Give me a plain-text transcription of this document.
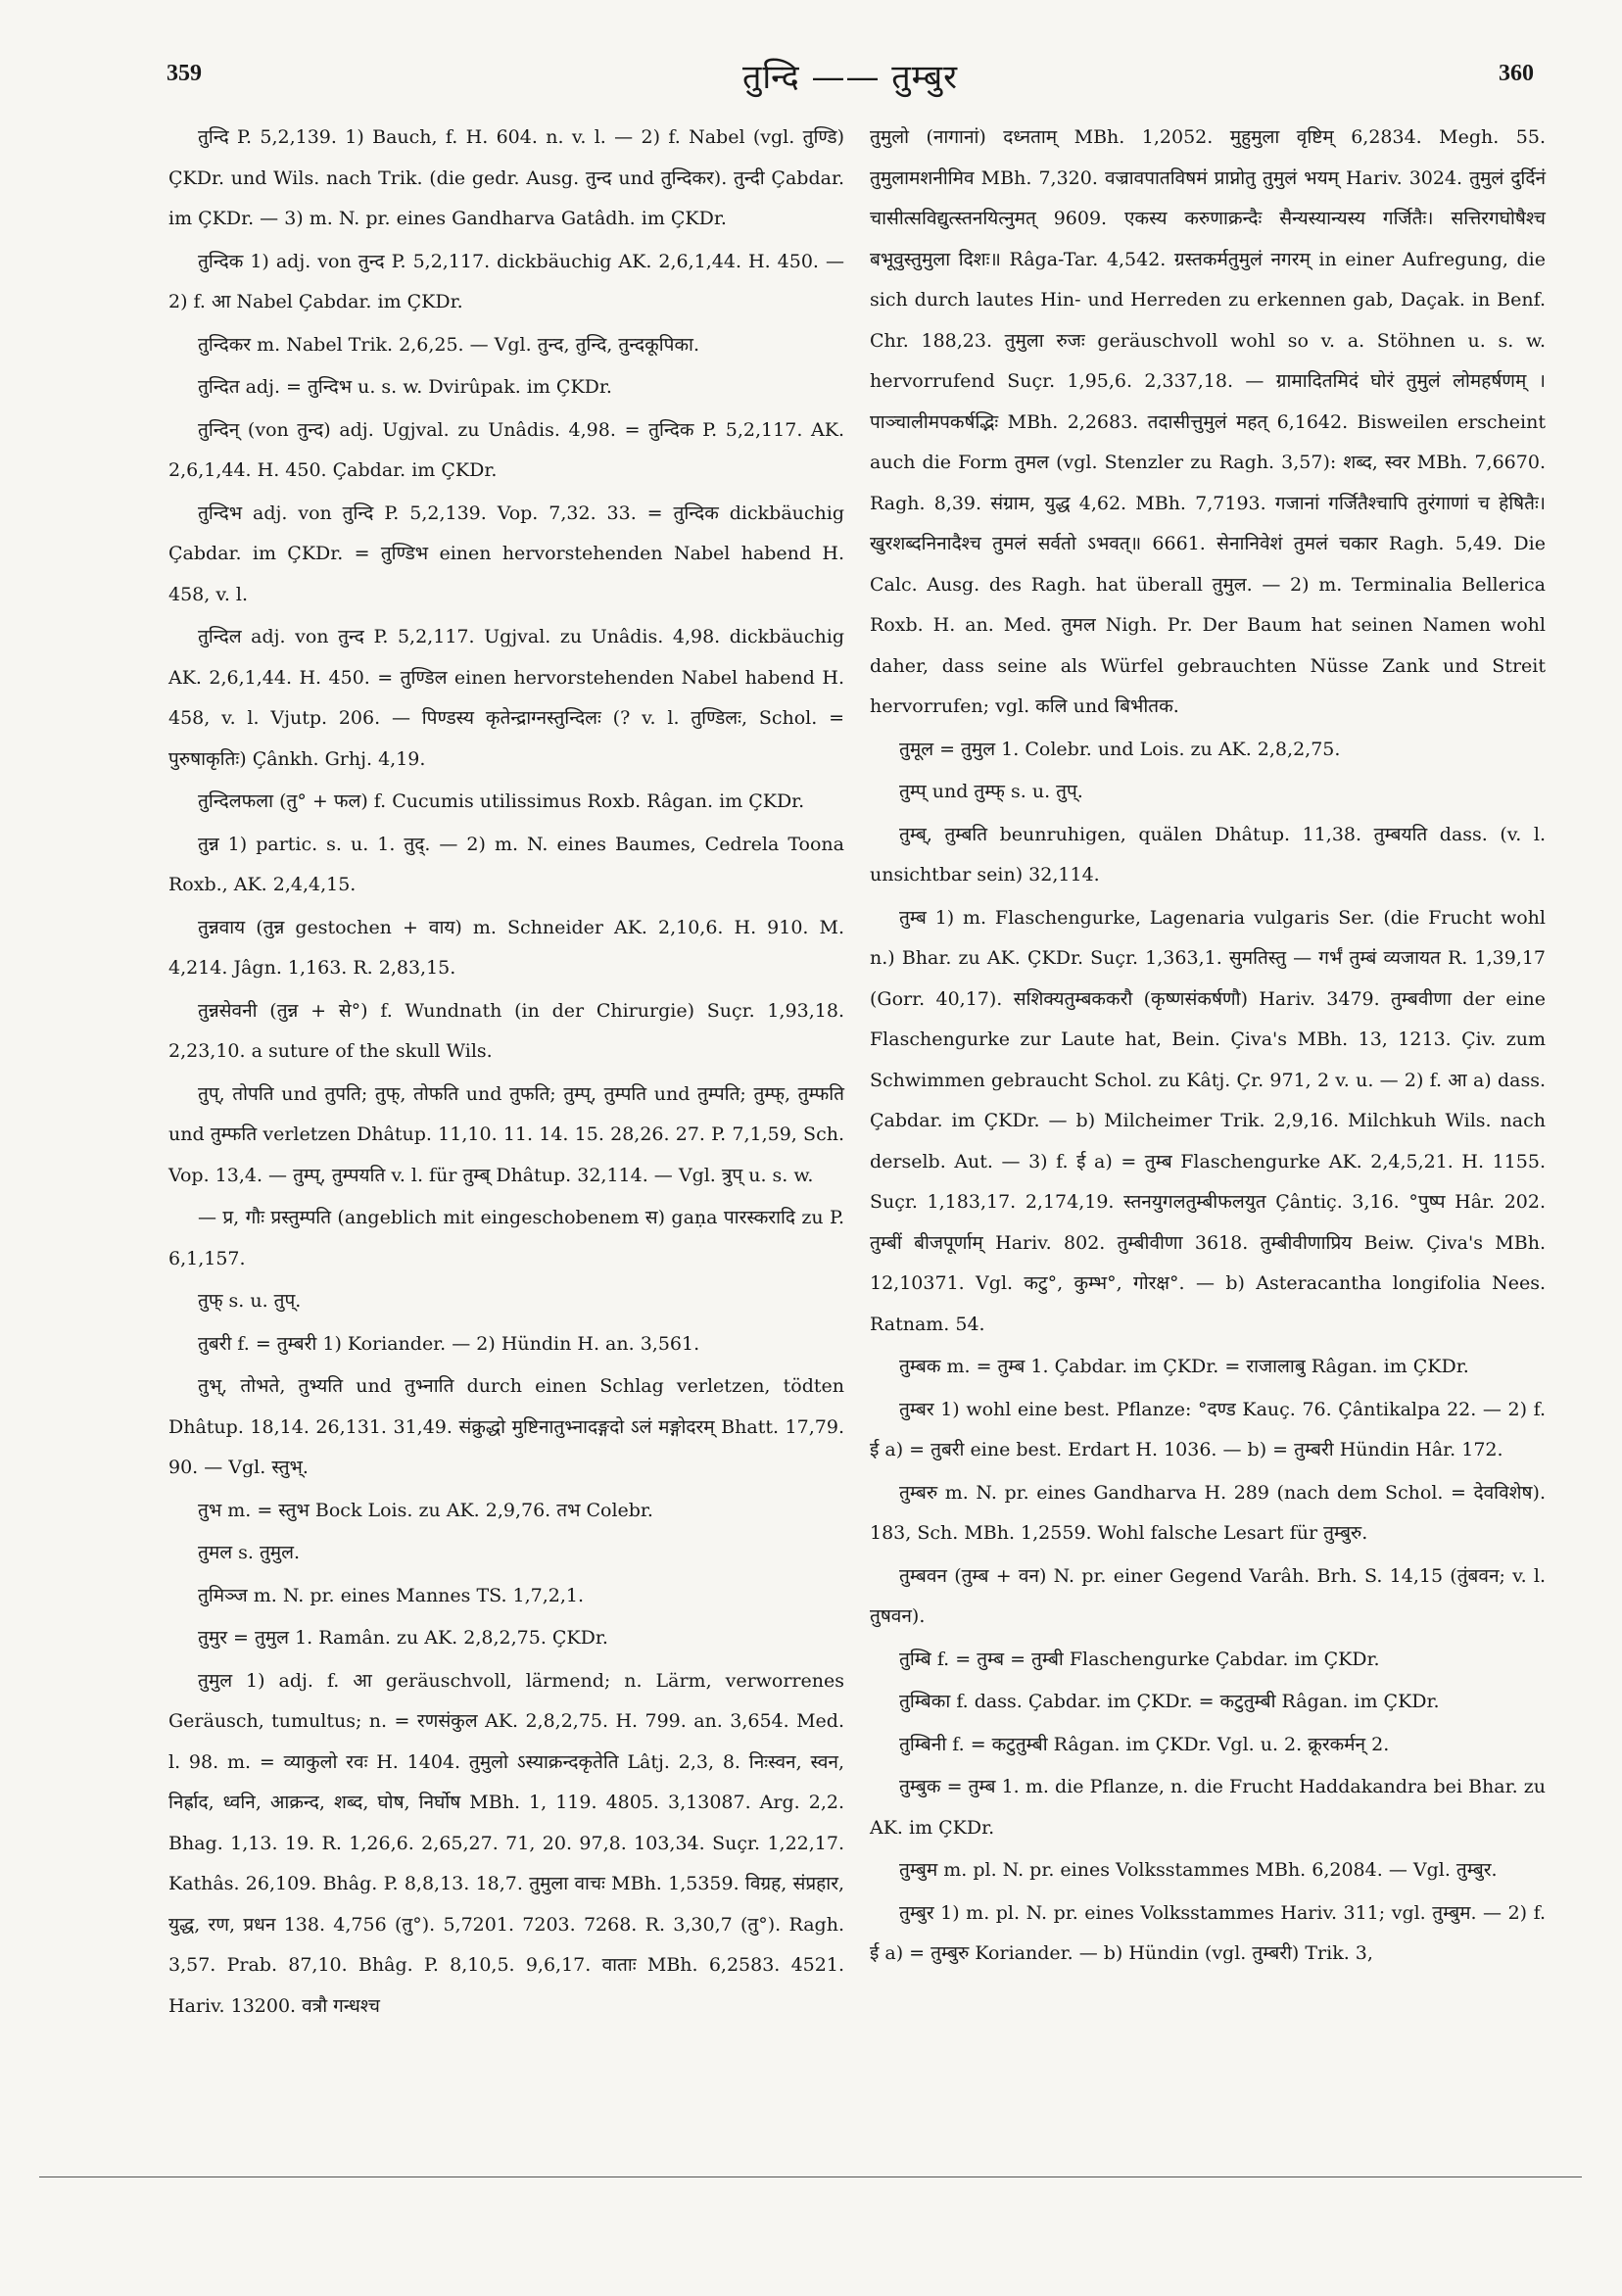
359	तुन्दि —— तुम्बुर	360

तुन्दि P. 5,2,139. 1) Bauch, f. H. 604. n. v. l. — 2) f. Nabel (vgl. तुण्डि) ÇKDr. und Wils. nach Trik. (die gedr. Ausg. तुन्द und तुन्दिकर). तुन्दी Çabdar. im ÇKDr. — 3) m. N. pr. eines Gandharva Gatâdh. im ÇKDr.

तुन्दिक 1) adj. von तुन्द P. 5,2,117. dickbäuchig AK. 2,6,1,44. H. 450. — 2) f. आ Nabel Çabdar. im ÇKDr.

तुन्दिकर m. Nabel Trik. 2,6,25. — Vgl. तुन्द, तुन्दि, तुन्दकूपिका.

तुन्दित adj. = तुन्दिभ u. s. w. Dvirûpak. im ÇKDr.

तुन्दिन् (von तुन्द) adj. Ugjval. zu Unâdis. 4,98. = तुन्दिक P. 5,2,117. AK. 2,6,1,44. H. 450. Çabdar. im ÇKDr.

तुन्दिभ adj. von तुन्दि P. 5,2,139. Vop. 7,32. 33. = तुन्दिक dickbäuchig Çabdar. im ÇKDr. = तुण्डिभ einen hervorstehenden Nabel habend H. 458, v. l.

तुन्दिल adj. von तुन्द P. 5,2,117. Ugjval. zu Unâdis. 4,98. dickbäuchig AK. 2,6,1,44. H. 450. = तुण्डिल einen hervorstehenden Nabel habend H. 458, v. l. Vjutp. 206. — पिण्डस्य कृतेन्द्राग्नस्तुन्दिलः (? v. l. तुण्डिलः, Schol. = पुरुषाकृतिः) Çânkh. Grhj. 4,19.

तुन्दिलफला (तु° + फल) f. Cucumis utilissimus Roxb. Râgan. im ÇKDr.

तुन्न 1) partic. s. u. 1. तुद्. — 2) m. N. eines Baumes, Cedrela Toona Roxb., AK. 2,4,4,15.

तुन्नवाय (तुन्न gestochen + वाय) m. Schneider AK. 2,10,6. H. 910. M. 4,214. Jâgn. 1,163. R. 2,83,15.

तुन्नसेवनी (तुन्न + से°) f. Wundnath (in der Chirurgie) Suçr. 1,93,18. 2,23,10. a suture of the skull Wils.

तुप्, तोपति und तुपति; तुफ्, तोफति und तुफति; तुम्प्, तुम्पति und तुम्पति; तुम्फ्, तुम्फति und तुम्फति verletzen Dhâtup. 11,10. 11. 14. 15. 28,26. 27. P. 7,1,59, Sch. Vop. 13,4. — तुम्प्, तुम्पयति v. l. für तुम्ब् Dhâtup. 32,114. — Vgl. त्रुप् u. s. w.

— प्र, गौः प्रस्तुम्पति (angeblich mit eingeschobenem स) gaṇa पारस्करादि zu P. 6,1,157.

तुफ् s. u. तुप्.

तुबरी f. = तुम्बरी 1) Koriander. — 2) Hündin H. an. 3,561.

तुभ्, तोभते, तुभ्यति und तुभ्नाति durch einen Schlag verletzen, tödten Dhâtup. 18,14. 26,131. 31,49. संक्रुद्धो मुष्टिनातुभ्नादङ्गदो ऽलं मङ्गोदरम् Bhatt. 17,79. 90. — Vgl. स्तुभ्.

तुभ m. = स्तुभ Bock Lois. zu AK. 2,9,76. तभ Colebr.

तुमल s. तुमुल.

तुमिञ्ज m. N. pr. eines Mannes TS. 1,7,2,1.

तुमुर = तुमुल 1. Ramân. zu AK. 2,8,2,75. ÇKDr.

तुमुल 1) adj. f. आ geräuschvoll, lärmend; n. Lärm, verworrenes Geräusch, tumultus; n. = रणसंकुल AK. 2,8,2,75. H. 799. an. 3,654. Med. l. 98. m. = व्याकुलो रवः H. 1404. तुमुलो ऽस्याक्रन्दकृतेति Lâtj. 2,3, 8. निःस्वन, स्वन, निर्ह्राद, ध्वनि, आक्रन्द, शब्द, घोष, निर्घोष MBh. 1, 119. 4805. 3,13087. Arg. 2,2. Bhag. 1,13. 19. R. 1,26,6. 2,65,27. 71, 20. 97,8. 103,34. Suçr. 1,22,17. Kathâs. 26,109. Bhâg. P. 8,8,13. 18,7. तुमुला वाचः MBh. 1,5359. विग्रह, संप्रहार, युद्ध, रण, प्रधन 138. 4,756 (तु°). 5,7201. 7203. 7268. R. 3,30,7 (तु°). Ragh. 3,57. Prab. 87,10. Bhâg. P. 8,10,5. 9,6,17. वाताः MBh. 6,2583. 4521. Hariv. 13200. वत्रौ गन्धश्च

तुमुलो (नागानां) दध्नताम् MBh. 1,2052. मुहुमुला वृष्टिम् 6,2834. Megh. 55. तुमुलामशनीमिव MBh. 7,320. वज्रावपातविषमं प्राप्नोतु तुमुलं भयम् Hariv. 3024. तुमुलं दुर्दिनं चासीत्सविद्युत्स्तनयित्नुमत् 9609. एकस्य करुणाक्रन्दैः सैन्यस्यान्यस्य गर्जितैः। सत्तिरगघोषैश्च बभूवुस्तुमुला दिशः॥ Râga-Tar. 4,542. ग्रस्तकर्मतुमुलं नगरम् in einer Aufregung, die sich durch lautes Hin- und Herreden zu erkennen gab, Daçak. in Benf. Chr. 188,23. तुमुला रुजः geräuschvoll wohl so v. a. Stöhnen u. s. w. hervorrufend Suçr. 1,95,6. 2,337,18. — ग्रामादितमिदं घोरं तुमुलं लोमहर्षणम् । पाञ्चालीमपकर्षद्भिः MBh. 2,2683. तदासीत्तुमुलं महत् 6,1642. Bisweilen erscheint auch die Form तुमल (vgl. Stenzler zu Ragh. 3,57): शब्द, स्वर MBh. 7,6670. Ragh. 8,39. संग्राम, युद्ध 4,62. MBh. 7,7193. गजानां गर्जितैश्चापि तुरंगाणां च हेषितैः। खुरशब्दनिनादैश्च तुमलं सर्वतो ऽभवत्॥ 6661. सेनानिवेशं तुमलं चकार Ragh. 5,49. Die Calc. Ausg. des Ragh. hat überall तुमुल. — 2) m. Terminalia Bellerica Roxb. H. an. Med. तुमल Nigh. Pr. Der Baum hat seinen Namen wohl daher, dass seine als Würfel gebrauchten Nüsse Zank und Streit hervorrufen; vgl. कलि und बिभीतक.

तुमूल = तुमुल 1. Colebr. und Lois. zu AK. 2,8,2,75.

तुम्प् und तुम्फ् s. u. तुप्.

तुम्ब्, तुम्बति beunruhigen, quälen Dhâtup. 11,38. तुम्बयति dass. (v. l. unsichtbar sein) 32,114.

तुम्ब 1) m. Flaschengurke, Lagenaria vulgaris Ser. (die Frucht wohl n.) Bhar. zu AK. ÇKDr. Suçr. 1,363,1. सुमतिस्तु — गर्भं तुम्बं व्यजायत R. 1,39,17 (Gorr. 40,17). सशिक्यतुम्बककरौ (कृष्णसंकर्षणौ) Hariv. 3479. तुम्बवीणा der eine Flaschengurke zur Laute hat, Bein. Çiva's MBh. 13, 1213. Çiv. zum Schwimmen gebraucht Schol. zu Kâtj. Çr. 971, 2 v. u. — 2) f. आ a) dass. Çabdar. im ÇKDr. — b) Milcheimer Trik. 2,9,16. Milchkuh Wils. nach derselb. Aut. — 3) f. ई a) = तुम्ब Flaschengurke AK. 2,4,5,21. H. 1155. Suçr. 1,183,17. 2,174,19. स्तनयुगलतुम्बीफलयुत Çântiç. 3,16. °पुष्प Hâr. 202. तुम्बीं बीजपूर्णाम् Hariv. 802. तुम्बीवीणा 3618. तुम्बीवीणाप्रिय Beiw. Çiva's MBh. 12,10371. Vgl. कटु°, कुम्भ°, गोरक्ष°. — b) Asteracantha longifolia Nees. Ratnam. 54.

तुम्बक m. = तुम्ब 1. Çabdar. im ÇKDr. = राजालाबु Râgan. im ÇKDr.

तुम्बर 1) wohl eine best. Pflanze: °दण्ड Kauç. 76. Çântikalpa 22. — 2) f. ई a) = तुबरी eine best. Erdart H. 1036. — b) = तुम्बरी Hündin Hâr. 172.

तुम्बरु m. N. pr. eines Gandharva H. 289 (nach dem Schol. = देवविशेष). 183, Sch. MBh. 1,2559. Wohl falsche Lesart für तुम्बुरु.

तुम्बवन (तुम्ब + वन) N. pr. einer Gegend Varâh. Brh. S. 14,15 (तुंबवन; v. l. तुषवन).

तुम्बि f. = तुम्ब = तुम्बी Flaschengurke Çabdar. im ÇKDr.

तुम्बिका f. dass. Çabdar. im ÇKDr. = कटुतुम्बी Râgan. im ÇKDr.

तुम्बिनी f. = कटुतुम्बी Râgan. im ÇKDr. Vgl. u. 2. क्रूरकर्मन् 2.

तुम्बुक = तुम्ब 1. m. die Pflanze, n. die Frucht Haddakandra bei Bhar. zu AK. im ÇKDr.

तुम्बुम m. pl. N. pr. eines Volksstammes MBh. 6,2084. — Vgl. तुम्बुर.

तुम्बुर 1) m. pl. N. pr. eines Volksstammes Hariv. 311; vgl. तुम्बुम. — 2) f. ई a) = तुम्बुरु Koriander. — b) Hündin (vgl. तुम्बरी) Trik. 3,
